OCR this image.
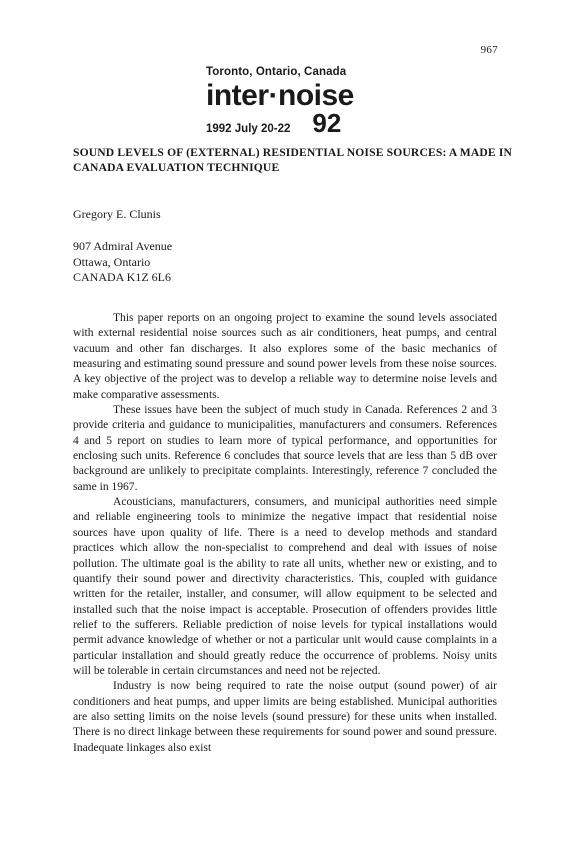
967
Toronto, Ontario, Canada
inter·noise
1992 July 20-22 92
SOUND LEVELS OF (EXTERNAL) RESIDENTIAL NOISE SOURCES: A MADE IN CANADA EVALUATION TECHNIQUE
Gregory E. Clunis
907 Admiral Avenue
Ottawa, Ontario
CANADA K1Z 6L6

This paper reports on an ongoing project to examine the sound levels associated with external residential noise sources such as air conditioners, heat pumps, and central vacuum and other fan discharges. It also explores some of the basic mechanics of measuring and estimating sound pressure and sound power levels from these noise sources. A key objective of the project was to develop a reliable way to determine noise levels and make comparative assessments.

These issues have been the subject of much study in Canada. References 2 and 3 provide criteria and guidance to municipalities, manufacturers and consumers. References 4 and 5 report on studies to learn more of typical performance, and opportunities for enclosing such units. Reference 6 concludes that source levels that are less than 5 dB over background are unlikely to precipitate complaints. Interestingly, reference 7 concluded the same in 1967.

Acousticians, manufacturers, consumers, and municipal authorities need simple and reliable engineering tools to minimize the negative impact that residential noise sources have upon quality of life. There is a need to develop methods and standard practices which allow the non-specialist to comprehend and deal with issues of noise pollution. The ultimate goal is the ability to rate all units, whether new or existing, and to quantify their sound power and directivity characteristics. This, coupled with guidance written for the retailer, installer, and consumer, will allow equipment to be selected and installed such that the noise impact is acceptable. Prosecution of offenders provides little relief to the sufferers. Reliable prediction of noise levels for typical installations would permit advance knowledge of whether or not a particular unit would cause complaints in a particular installation and should greatly reduce the occurrence of problems. Noisy units will be tolerable in certain circumstances and need not be rejected.

Industry is now being required to rate the noise output (sound power) of air conditioners and heat pumps, and upper limits are being established. Municipal authorities are also setting limits on the noise levels (sound pressure) for these units when installed. There is no direct linkage between these requirements for sound power and sound pressure. Inadequate linkages also exist
